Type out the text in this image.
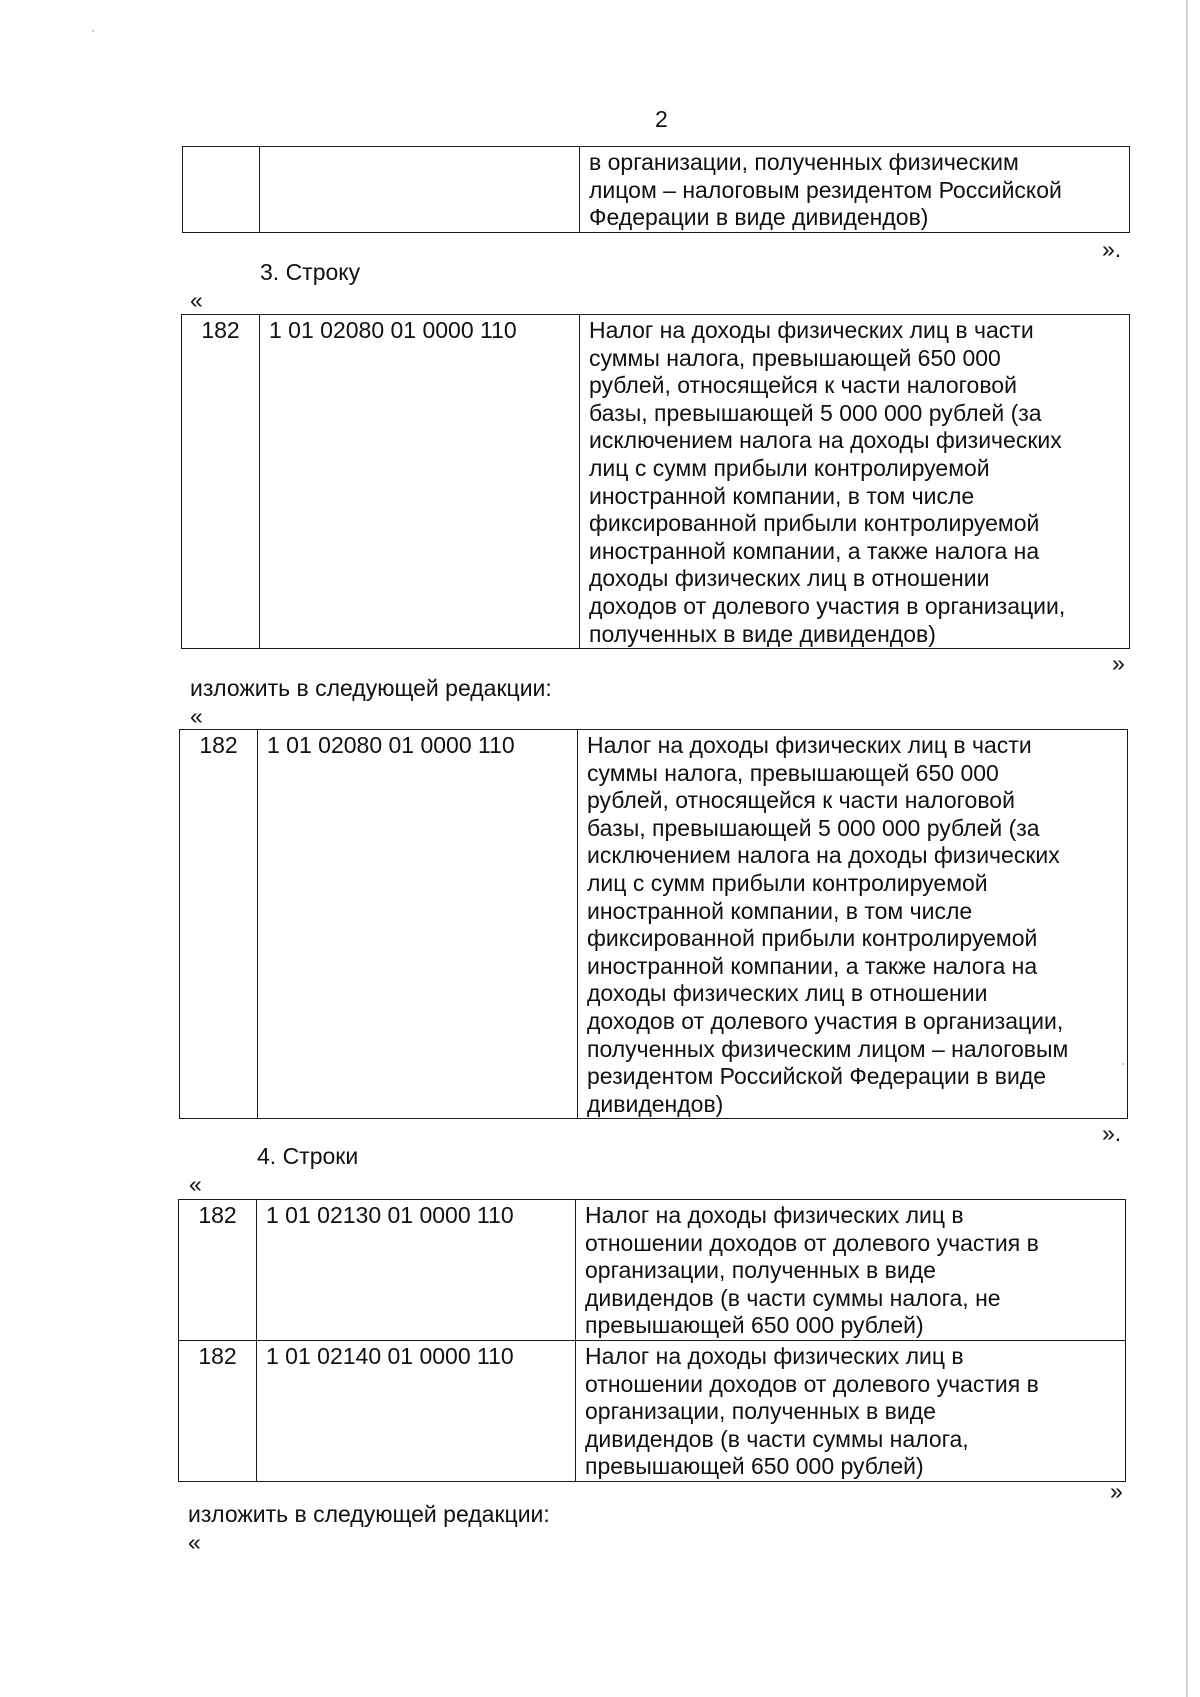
2
		в организации, полученных физическим
лицом – налоговым резидентом Российской
Федерации в виде дивидендов)
».
3. Строку
«
182	1 01 02080 01 0000 110	Налог на доходы физических лиц в части
суммы налога, превышающей 650 000
рублей, относящейся к части налоговой
базы, превышающей 5 000 000 рублей (за
исключением налога на доходы физических
лиц с сумм прибыли контролируемой
иностранной компании, в том числе
фиксированной прибыли контролируемой
иностранной компании, а также налога на
доходы физических лиц в отношении
доходов от долевого участия в организации,
полученных в виде дивидендов)
»
изложить в следующей редакции:
«
182	1 01 02080 01 0000 110	Налог на доходы физических лиц в части
суммы налога, превышающей 650 000
рублей, относящейся к части налоговой
базы, превышающей 5 000 000 рублей (за
исключением налога на доходы физических
лиц с сумм прибыли контролируемой
иностранной компании, в том числе
фиксированной прибыли контролируемой
иностранной компании, а также налога на
доходы физических лиц в отношении
доходов от долевого участия в организации,
полученных физическим лицом – налоговым
резидентом Российской Федерации в виде
дивидендов)
».
4. Строки
«
182	1 01 02130 01 0000 110	Налог на доходы физических лиц в
отношении доходов от долевого участия в
организации, полученных в виде
дивидендов (в части суммы налога, не
превышающей 650 000 рублей)
182	1 01 02140 01 0000 110	Налог на доходы физических лиц в
отношении доходов от долевого участия в
организации, полученных в виде
дивидендов (в части суммы налога,
превышающей 650 000 рублей)
»
изложить в следующей редакции:
«
